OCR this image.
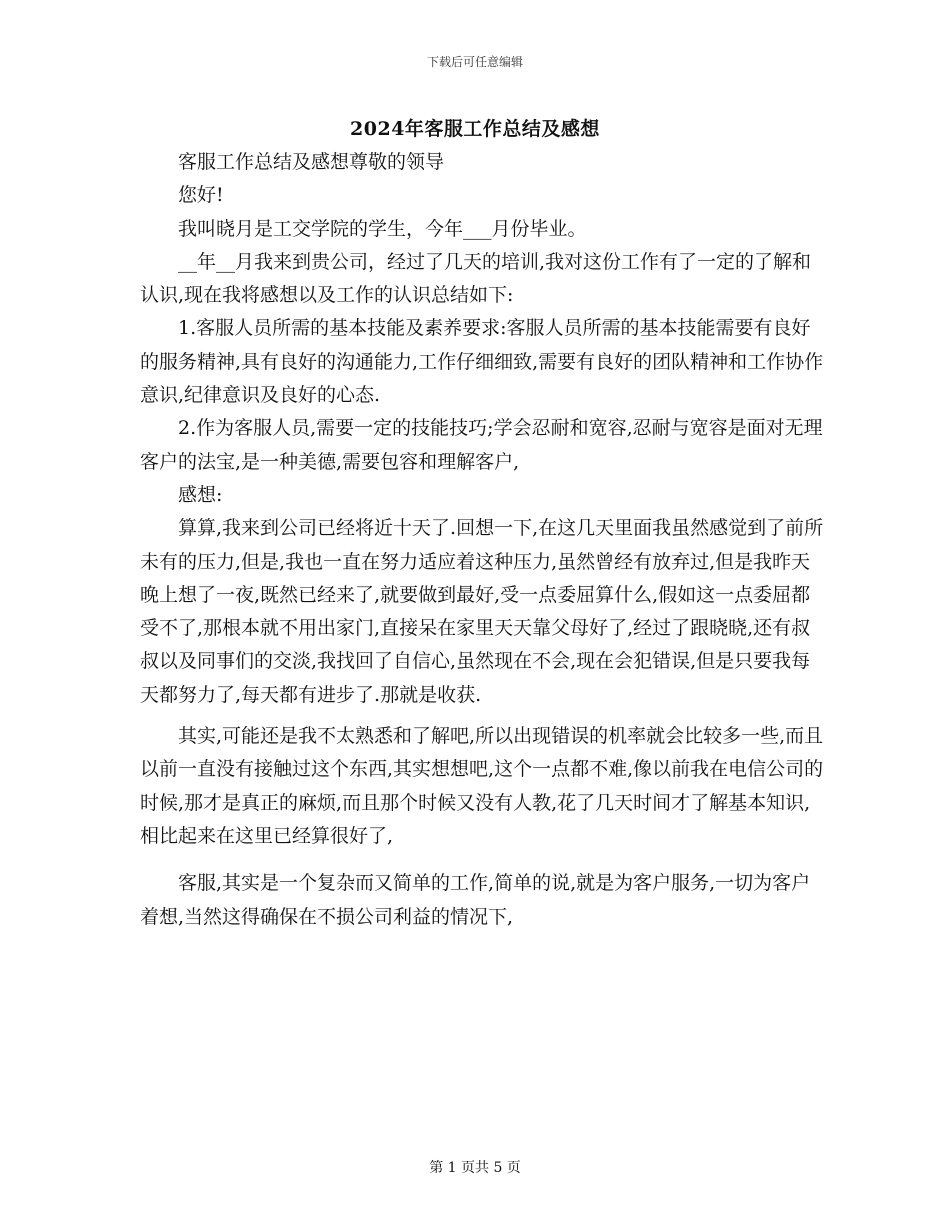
下载后可任意编辑
2024年客服工作总结及感想

客服工作总结及感想尊敬的领导

您好!

我叫晓月是工交学院的学生，今年___月份毕业。

__年__月我来到贵公司，经过了几天的培训,我对这份工作有了一定的了解和认识,现在我将感想以及工作的认识总结如下:

1.客服人员所需的基本技能及素养要求:客服人员所需的基本技能需要有良好的服务精神,具有良好的沟通能力,工作仔细细致,需要有良好的团队精神和工作协作意识,纪律意识及良好的心态.

2.作为客服人员,需要一定的技能技巧;学会忍耐和宽容,忍耐与宽容是面对无理客户的法宝,是一种美德,需要包容和理解客户,

感想:

算算,我来到公司已经将近十天了.回想一下,在这几天里面我虽然感觉到了前所未有的压力,但是,我也一直在努力适应着这种压力,虽然曾经有放弃过,但是我昨天晚上想了一夜,既然已经来了,就要做到最好,受一点委屈算什么,假如这一点委屈都受不了,那根本就不用出家门,直接呆在家里天天靠父母好了,经过了跟晓晓,还有叔叔以及同事们的交淡,我找回了自信心,虽然现在不会,现在会犯错误,但是只要我每天都努力了,每天都有进步了.那就是收获.

其实,可能还是我不太熟悉和了解吧,所以出现错误的机率就会比较多一些,而且以前一直没有接触过这个东西,其实想想吧,这个一点都不难,像以前我在电信公司的时候,那才是真正的麻烦,而且那个时候又没有人教,花了几天时间才了解基本知识,相比起来在这里已经算很好了,

客服,其实是一个复杂而又简单的工作,简单的说,就是为客户服务,一切为客户着想,当然这得确保在不损公司利益的情况下,

第 1 页共 5 页
